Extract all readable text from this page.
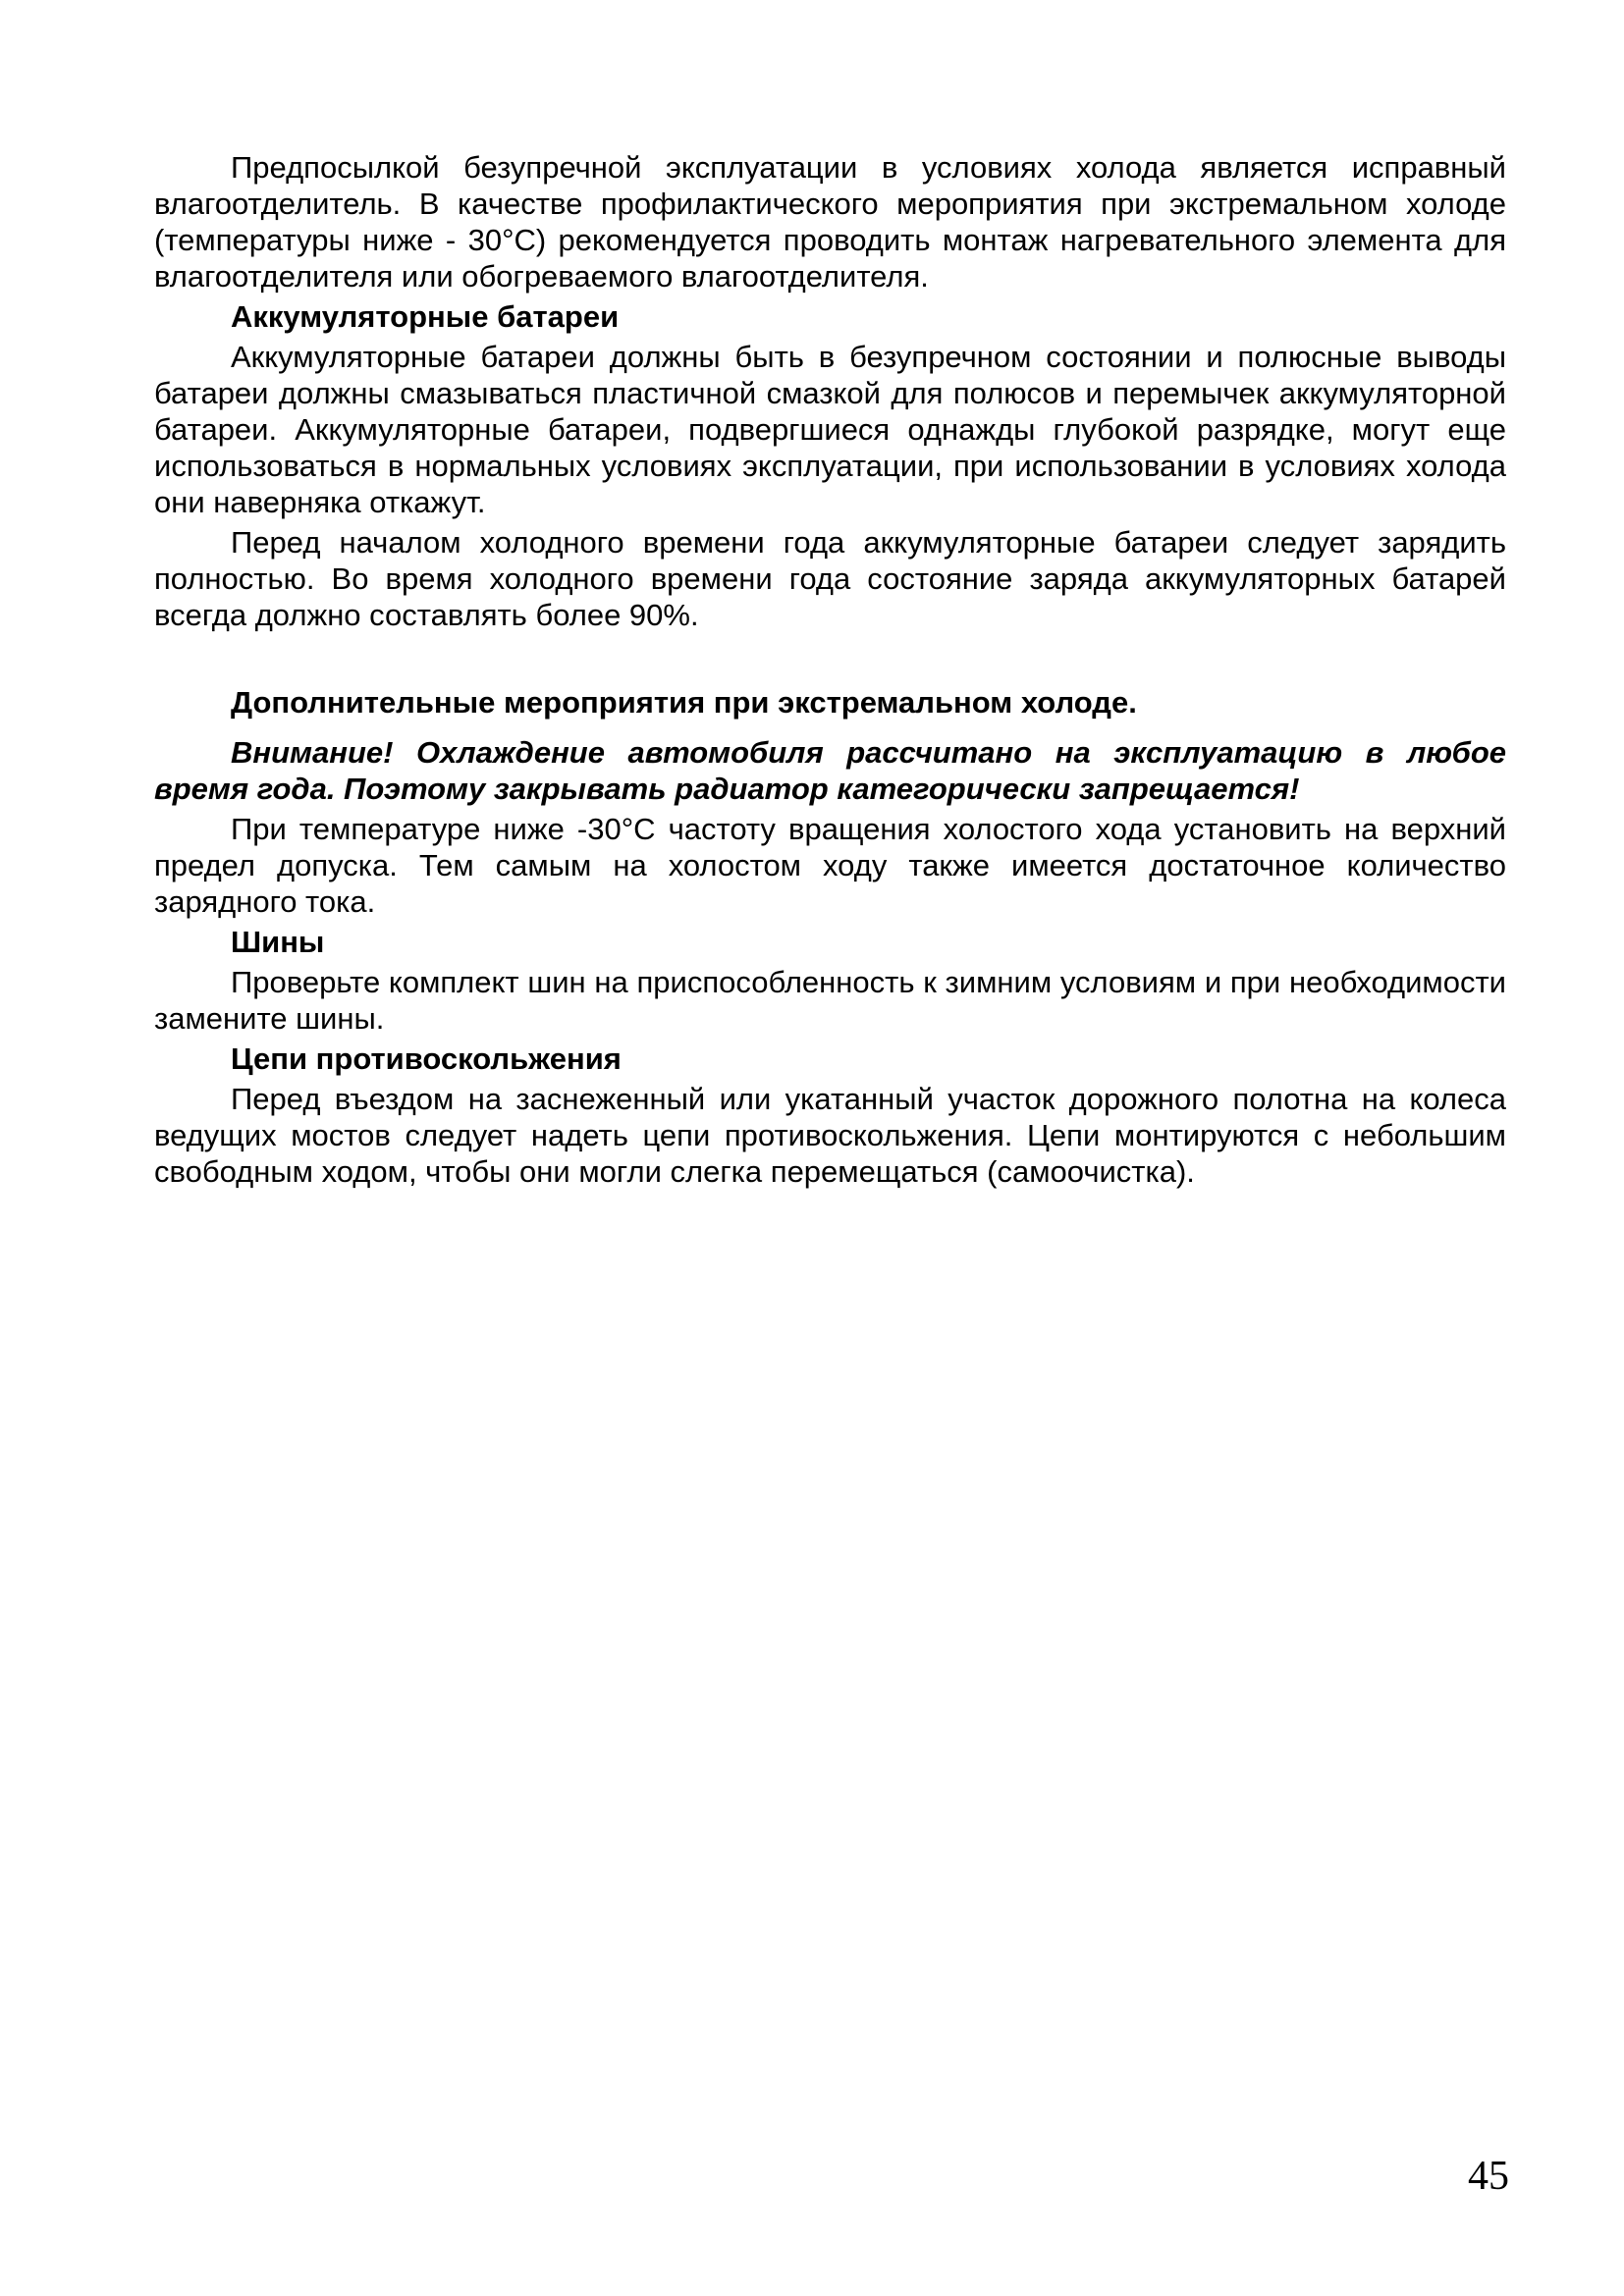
Предпосылкой безупречной эксплуатации в условиях холода является исправный влагоотделитель. В качестве профилактического мероприятия при экстремальном холоде (температуры ниже - 30°С) рекомендуется проводить монтаж нагревательного элемента для влагоотделителя или обогреваемого влагоотделителя.

Аккумуляторные батареи

Аккумуляторные батареи должны быть в безупречном состоянии и полюсные выводы батареи должны смазываться пластичной смазкой для полюсов и перемычек аккумуляторной батареи. Аккумуляторные батареи, подвергшиеся однажды глубокой разрядке, могут еще использоваться в нормальных условиях эксплуатации, при использовании в условиях холода они наверняка откажут.

Перед началом холодного времени года аккумуляторные батареи следует зарядить полностью. Во время холодного времени года состояние заряда аккумуляторных батарей всегда должно составлять более 90%.

Дополнительные мероприятия при экстремальном холоде.

Внимание! Охлаждение автомобиля рассчитано на эксплуатацию в любое время года. Поэтому закрывать радиатор категорически запрещается!

При температуре ниже -30°С частоту вращения холостого хода установить на верхний предел допуска. Тем самым на холостом ходу также имеется достаточное количество зарядного тока.

Шины

Проверьте комплект шин на приспособленность к зимним условиям и при необходимости замените шины.

Цепи противоскольжения

Перед въездом на заснеженный или укатанный участок дорожного полотна на колеса ведущих мостов следует надеть цепи противоскольжения. Цепи монтируются с небольшим свободным ходом, чтобы они могли слегка перемещаться (самоочистка).

45
